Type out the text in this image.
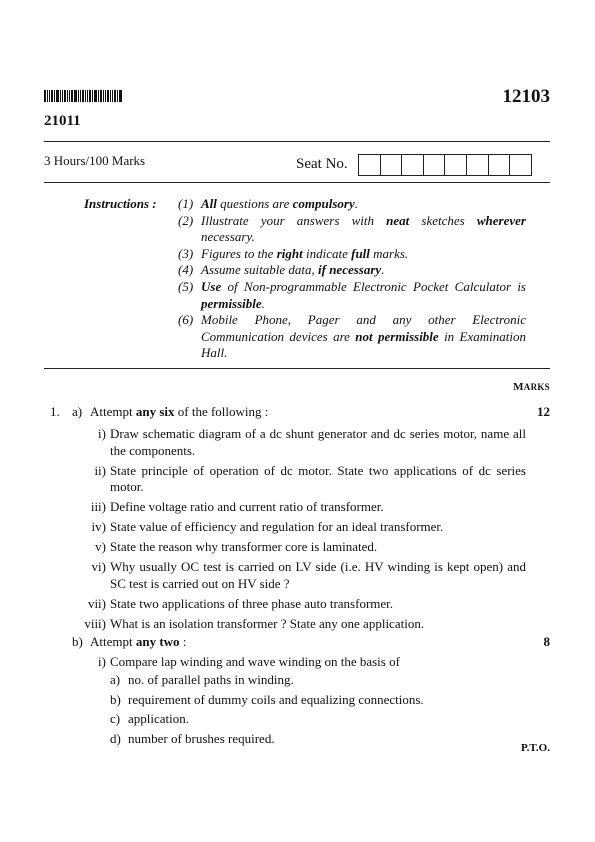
12103
21011
3 Hours/100 Marks	Seat No.
Instructions : (1) All questions are compulsory.
(2) Illustrate your answers with neat sketches wherever necessary.
(3) Figures to the right indicate full marks.
(4) Assume suitable data, if necessary.
(5) Use of Non-programmable Electronic Pocket Calculator is permissible.
(6) Mobile Phone, Pager and any other Electronic Communication devices are not permissible in Examination Hall.
MARKS
1. a) Attempt any six of the following :	12
i) Draw schematic diagram of a dc shunt generator and dc series motor, name all the components.
ii) State principle of operation of dc motor. State two applications of dc series motor.
iii) Define voltage ratio and current ratio of transformer.
iv) State value of efficiency and regulation for an ideal transformer.
v) State the reason why transformer core is laminated.
vi) Why usually OC test is carried on LV side (i.e. HV winding is kept open) and SC test is carried out on HV side ?
vii) State two applications of three phase auto transformer.
viii) What is an isolation transformer ? State any one application.
b) Attempt any two :	8
i) Compare lap winding and wave winding on the basis of
a) no. of parallel paths in winding.
b) requirement of dummy coils and equalizing connections.
c) application.
d) number of brushes required.
P.T.O.
